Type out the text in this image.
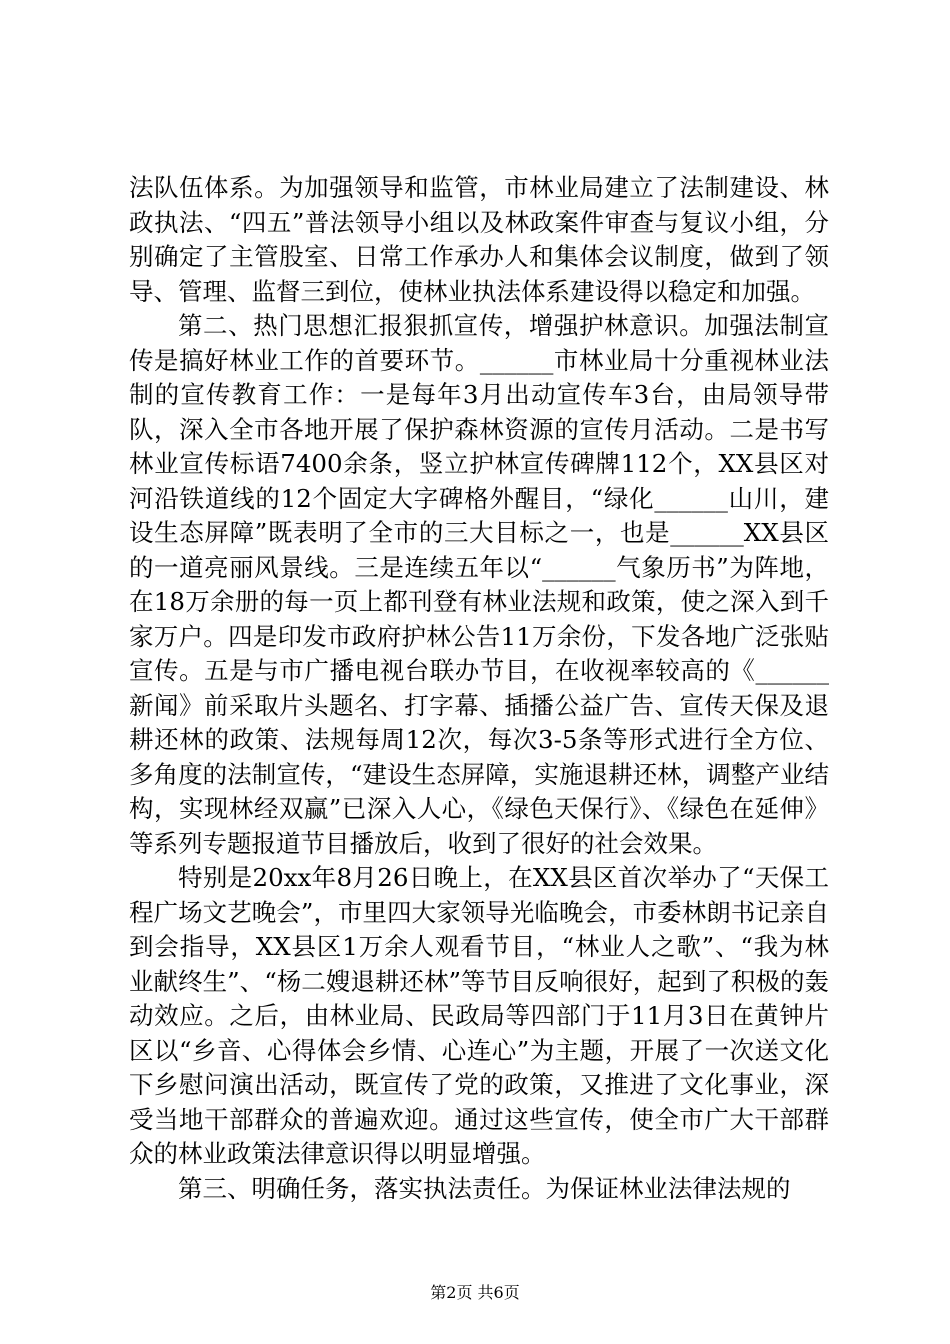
法队伍体系。为加强领导和监管，市林业局建立了法制建设、林政执法、“四五”普法领导小组以及林政案件审查与复议小组，分别确定了主管股室、日常工作承办人和集体会议制度，做到了领导、管理、监督三到位，使林业执法体系建设得以稳定和加强。

第二、热门思想汇报狠抓宣传，增强护林意识。加强法制宣传是搞好林业工作的首要环节。______市林业局十分重视林业法制的宣传教育工作：一是每年3月出动宣传车3台，由局领导带队，深入全市各地开展了保护森林资源的宣传月活动。二是书写林业宣传标语7400余条，竖立护林宣传碑牌112个，XX县区对河沿铁道线的12个固定大字碑格外醒目，“绿化______山川，建设生态屏障”既表明了全市的三大目标之一，也是______XX县区的一道亮丽风景线。三是连续五年以“______气象历书”为阵地，在18万余册的每一页上都刊登有林业法规和政策，使之深入到千家万户。四是印发市政府护林公告11万余份，下发各地广泛张贴宣传。五是与市广播电视台联办节目，在收视率较高的《______新闻》前采取片头题名、打字幕、插播公益广告、宣传天保及退耕还林的政策、法规每周12次，每次3-5条等形式进行全方位、多角度的法制宣传，“建设生态屏障，实施退耕还林，调整产业结构，实现林经双赢”已深入人心，《绿色天保行》、《绿色在延伸》等系列专题报道节目播放后，收到了很好的社会效果。

特别是20xx年8月26日晚上，在XX县区首次举办了“天保工程广场文艺晚会”，市里四大家领导光临晚会，市委林朗书记亲自到会指导，XX县区1万余人观看节目，“林业人之歌”、“我为林业献终生”、“杨二嫂退耕还林”等节目反响很好，起到了积极的轰动效应。之后，由林业局、民政局等四部门于11月3日在黄钟片区以“乡音、心得体会乡情、心连心”为主题，开展了一次送文化下乡慰问演出活动，既宣传了党的政策，又推进了文化事业，深受当地干部群众的普遍欢迎。通过这些宣传，使全市广大干部群众的林业政策法律意识得以明显增强。

第三、明确任务，落实执法责任。为保证林业法律法规的

第2页 共6页
